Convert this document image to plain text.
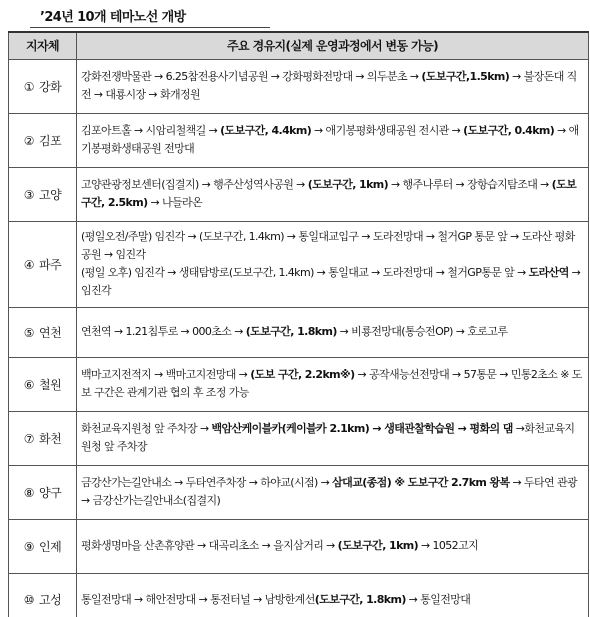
’24년 10개 테마노선 개방
지자체	주요 경유지(실제 운영과정에서 변동 가능)
① 강화	강화전쟁박물관 → 6.25참전용사기념공원 → 강화평화전망대 → 의두분초 → (도보구간,1.5km) → 불장돈대 직전 → 대룡시장 → 화개정원
② 김포	김포아트홀 → 시암리철책길 → (도보구간, 4.4km) → 애기봉평화생태공원 전시관 → (도보구간, 0.4km) → 애기봉평화생태공원 전망대
③ 고양	고양관광정보센터(집결지) → 행주산성역사공원 → (도보구간, 1km) → 행주나루터 → 장항습지탐조대 → (도보구간, 2.5km) → 나들라온
④ 파주	(평일오전/주말) 임진각 → (도보구간, 1.4km) → 통일대교입구 → 도라전망대 → 철거GP 통문 앞 → 도라산 평화공원 → 임진각
(평일 오후) 임진각 → 생태탐방로(도보구간, 1.4km) → 통일대교 → 도라전망대 → 철거GP통문 앞 → 도라산역 → 임진각
⑤ 연천	연천역 → 1.21침투로 → 000초소 → (도보구간, 1.8km) → 비룡전망대(통승전OP) → 호로고루
⑥ 철원	백마고지전적지 → 백마고지전망대 → (도보 구간, 2.2km※) → 공작새능선전망대 → 57통문 → 민통2초소 ※ 도보 구간은 관계기관 협의 후 조정 가능
⑦ 화천	화천교육지원청 앞 주차장 → 백암산케이블카(케이블카 2.1km) → 생태관찰학습원 → 평화의 댐 →화천교육지원청 앞 주차장
⑧ 양구	금강산가는길안내소 → 두타연주차장 → 하야교(시점) → 삼대교(종점) ※ 도보구간 2.7km 왕복 → 두타연 관광→ 금강산가는길안내소(집결지)
⑨ 인제	평화생명마을 산촌휴양관 → 대곡리초소 → 을지삼거리 → (도보구간, 1km) → 1052고지
⑩ 고성	통일전망대 → 해안전망대 → 통전터널 → 남방한계선(도보구간, 1.8km) → 통일전망대
